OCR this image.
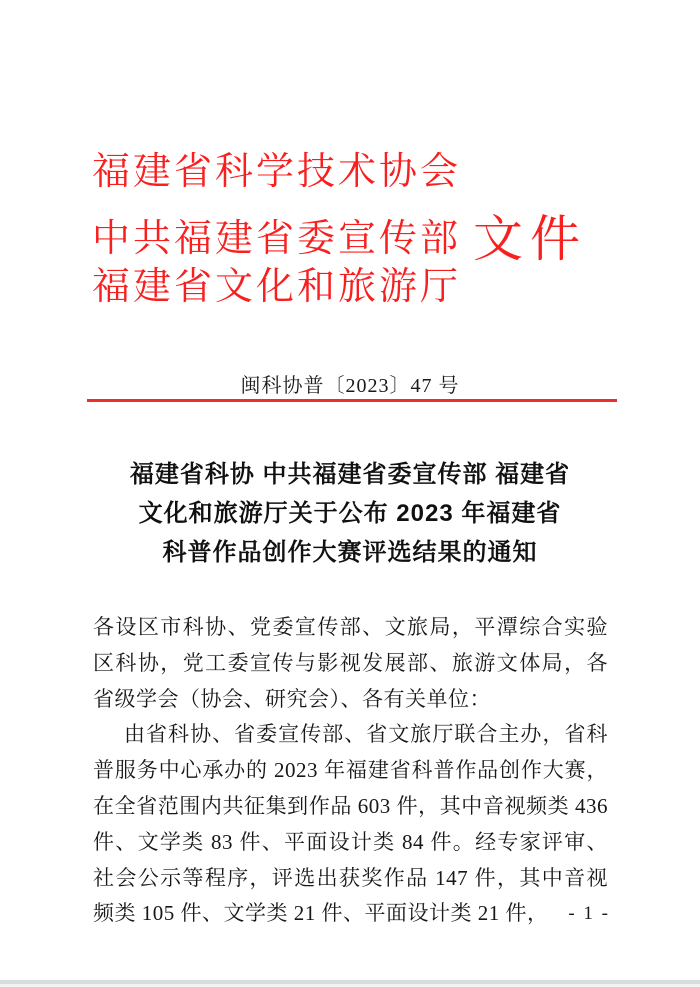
福建省科学技术协会
中共福建省委宣传部 文件
福建省文化和旅游厅
闽科协普〔2023〕47 号
福建省科协 中共福建省委宣传部 福建省
文化和旅游厅关于公布 2023 年福建省
科普作品创作大赛评选结果的通知

各设区市科协、党委宣传部、文旅局，平潭综合实验区科协，党工委宣传与影视发展部、旅游文体局，各省级学会（协会、研究会）、各有关单位：

由省科协、省委宣传部、省文旅厅联合主办，省科普服务中心承办的 2023 年福建省科普作品创作大赛，在全省范围内共征集到作品 603 件，其中音视频类 436 件、文学类 83 件、平面设计类 84 件。经专家评审、社会公示等程序，评选出获奖作品 147 件，其中音视频类 105 件、文学类 21 件、平面设计类 21 件，	- 1 -
